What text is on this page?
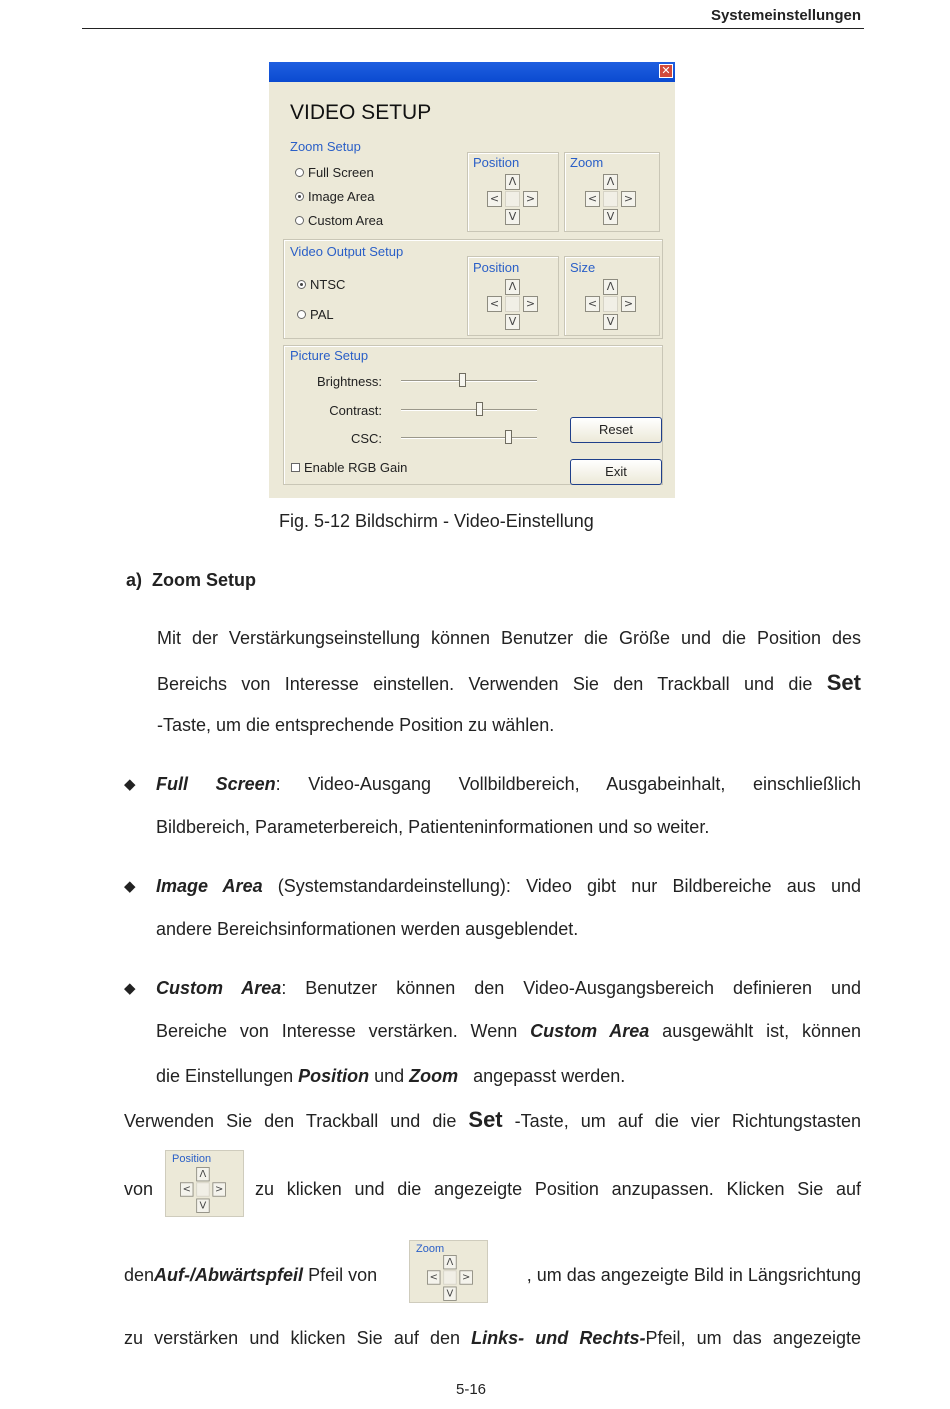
Systemeinstellungen
✕
VIDEO SETUP
Zoom Setup
Full Screen
Image Area
Custom Area
Position
Λ
< >
V
Zoom
Λ
< >
V
Video Output Setup
NTSC
PAL
Position
Λ
< >
V
Size
Λ
< >
V
Picture Setup
Brightness:
Contrast:
CSC:
Enable RGB Gain
Reset
Exit
Fig. 5-12 Bildschirm - Video-Einstellung
a) Zoom Setup
Mit der Verstärkungseinstellung können Benutzer die Größe und die Position des
Bereichs von Interesse einstellen. Verwenden Sie den Trackball und die Set
-Taste, um die entsprechende Position zu wählen.
◆ Full Screen: Video-Ausgang Vollbildbereich, Ausgabeinhalt, einschließlich
Bildbereich, Parameterbereich, Patienteninformationen und so weiter.
◆ Image Area (Systemstandardeinstellung): Video gibt nur Bildbereiche aus und
andere Bereichsinformationen werden ausgeblendet.
◆ Custom Area: Benutzer können den Video-Ausgangsbereich definieren und
Bereiche von Interesse verstärken. Wenn Custom Area ausgewählt ist, können
die Einstellungen Position und Zoom   angepasst werden.
Verwenden Sie den Trackball und die Set -Taste, um auf die vier Richtungstasten
von
Position
Λ
< >
V
zu klicken und die angezeigte Position anzupassen. Klicken Sie auf
denAuf-/Abwärtspfeil Pfeil von
Zoom
Λ
< >
V
, um das angezeigte Bild in Längsrichtung
zu verstärken und klicken Sie auf den Links- und Rechts-Pfeil, um das angezeigte
5-16
